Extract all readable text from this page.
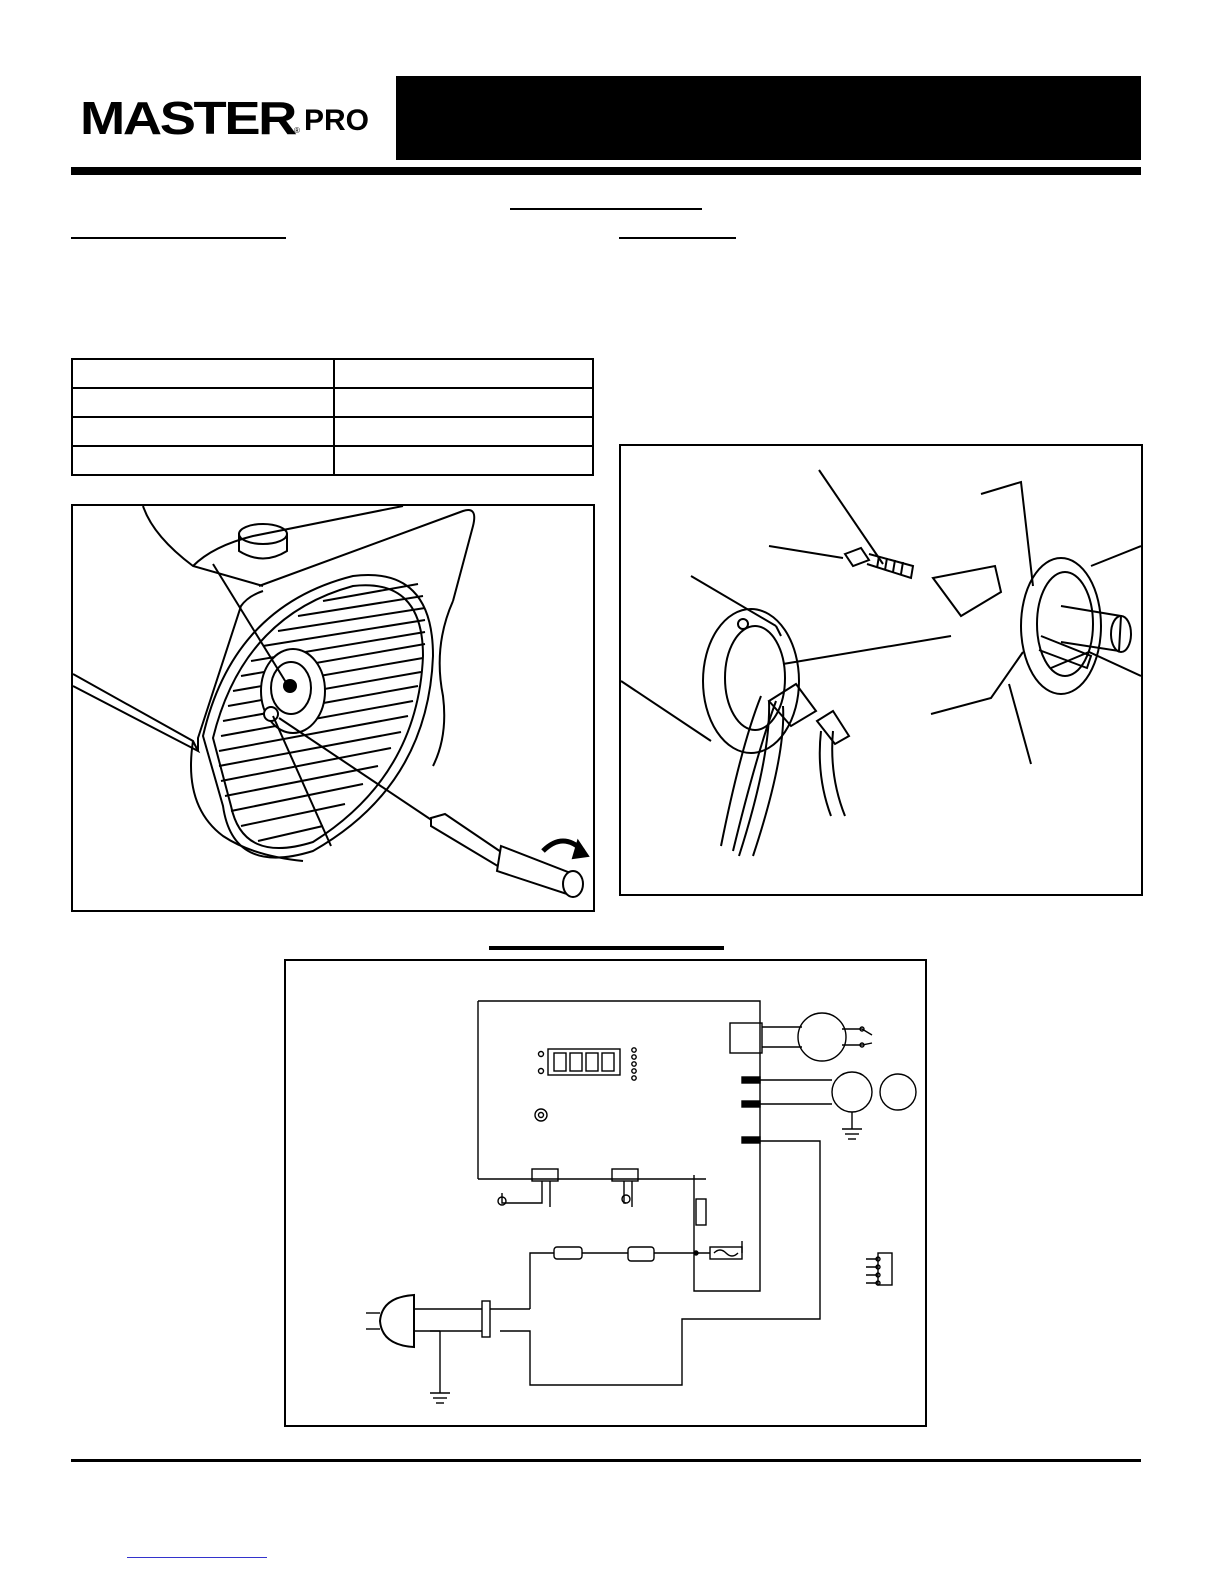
MASTER
® PRO
